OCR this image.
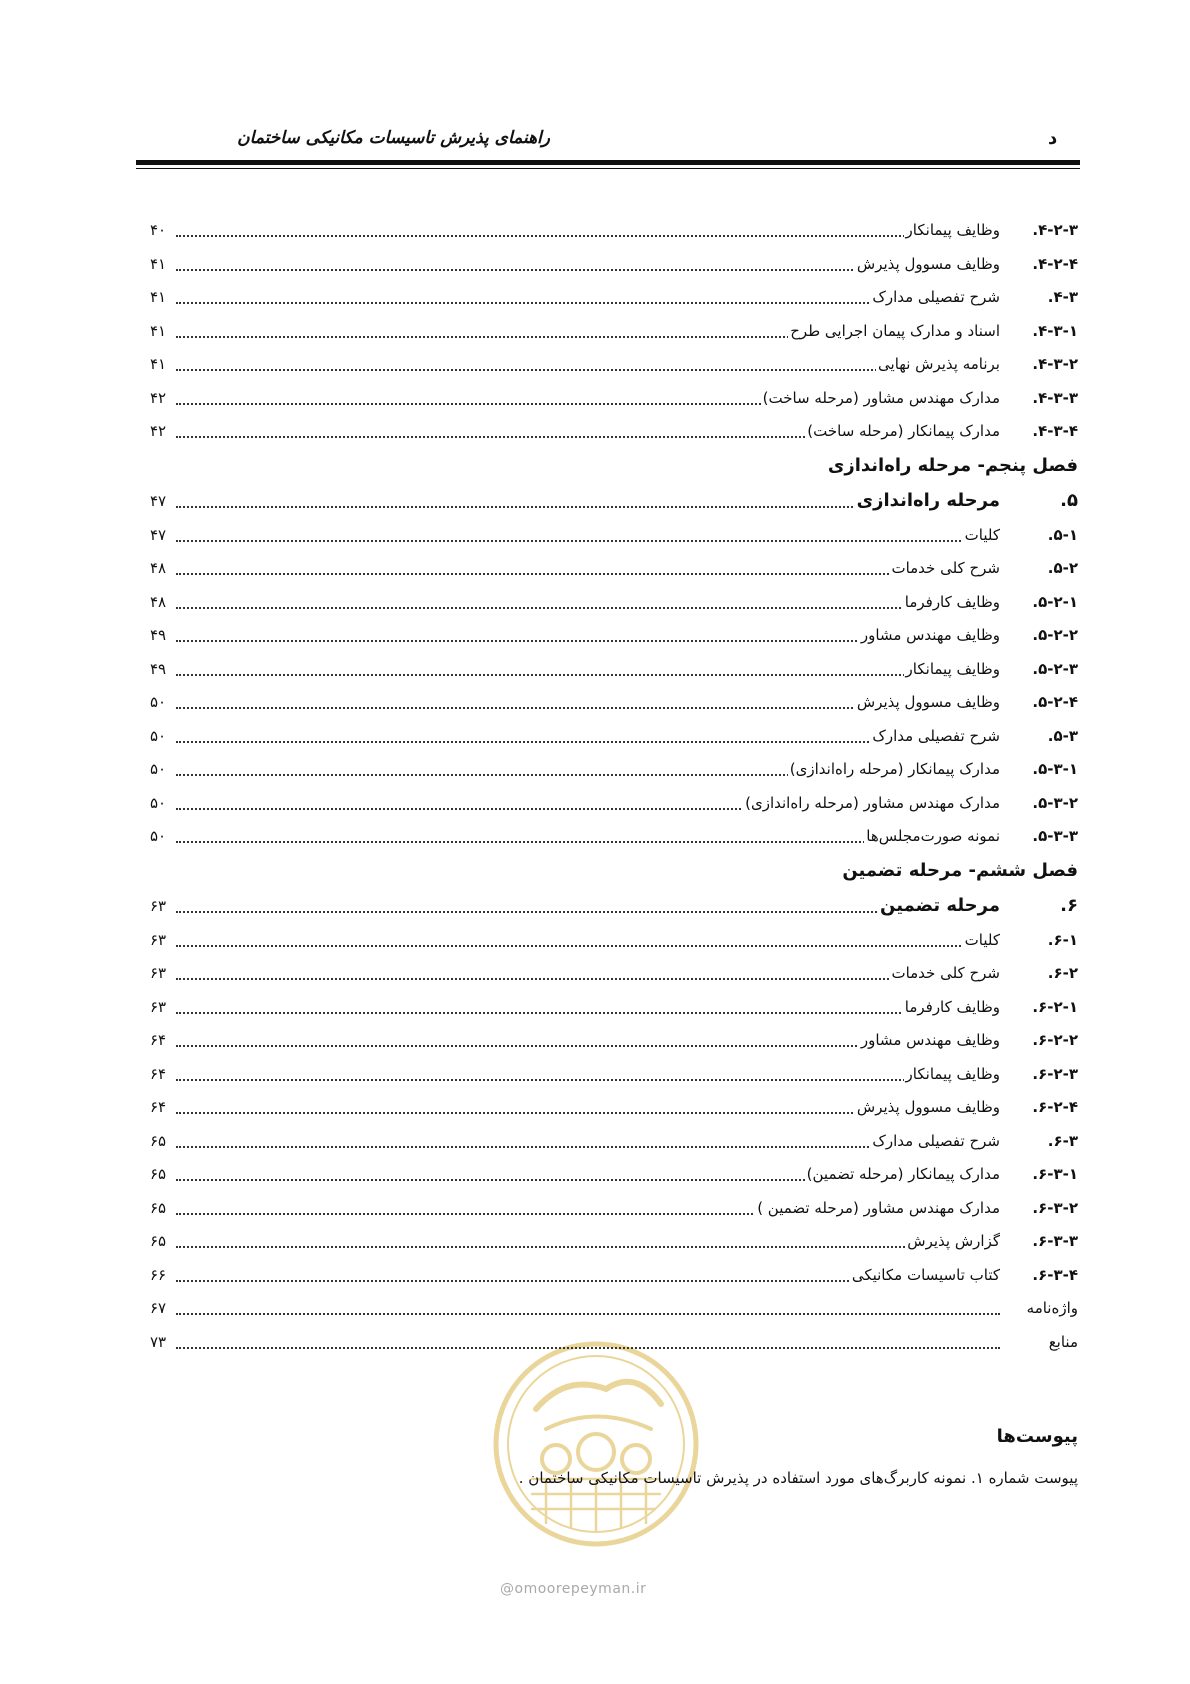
راهنمای پذیرش تاسیسات مکانیکی ساختمان	د
۴-۲-۳.
وظایف پیمانکار
۴۰
۴-۲-۴.
وظایف مسوول پذیرش
۴۱
۴-۳.
شرح تفصیلی مدارک
۴۱
۴-۳-۱.
اسناد و مدارک پیمان اجرایی طرح
۴۱
۴-۳-۲.
برنامه پذیرش نهایی
۴۱
۴-۳-۳.
مدارک مهندس مشاور (مرحله ساخت)
۴۲
۴-۳-۴.
مدارک پیمانکار (مرحله ساخت)
۴۲
فصل پنجم- مرحله راه‌اندازی
۵.
مرحله راه‌اندازی
۴۷
۵-۱.
کلیات
۴۷
۵-۲.
شرح کلی خدمات
۴۸
۵-۲-۱.
وظایف کارفرما
۴۸
۵-۲-۲.
وظایف مهندس مشاور
۴۹
۵-۲-۳.
وظایف پیمانکار
۴۹
۵-۲-۴.
وظایف مسوول پذیرش
۵۰
۵-۳.
شرح تفصیلی مدارک
۵۰
۵-۳-۱.
مدارک پیمانکار (مرحله راه‌اندازی)
۵۰
۵-۳-۲.
مدارک مهندس مشاور (مرحله راه‌اندازی)
۵۰
۵-۳-۳.
نمونه صورت‌مجلس‌ها
۵۰
فصل ششم- مرحله تضمین
۶.
مرحله تضمین
۶۳
۶-۱.
کلیات
۶۳
۶-۲.
شرح کلی خدمات
۶۳
۶-۲-۱.
وظایف کارفرما
۶۳
۶-۲-۲.
وظایف مهندس مشاور
۶۴
۶-۲-۳.
وظایف پیمانکار
۶۴
۶-۲-۴.
وظایف مسوول پذیرش
۶۴
۶-۳.
شرح تفصیلی مدارک
۶۵
۶-۳-۱.
مدارک پیمانکار (مرحله تضمین)
۶۵
۶-۳-۲.
مدارک مهندس مشاور (مرحله تضمین )
۶۵
۶-۳-۳.
گزارش پذیرش
۶۵
۶-۳-۴.
کتاب تاسیسات مکانیکی
۶۶
واژه‌نامه
۶۷
منابع
۷۳
@omoorepeyman.ir
پیوست‌ها
پیوست شماره ۱. نمونه کاربرگ‌های مورد استفاده در پذیرش تاسیسات مکانیکی ساختمان .
